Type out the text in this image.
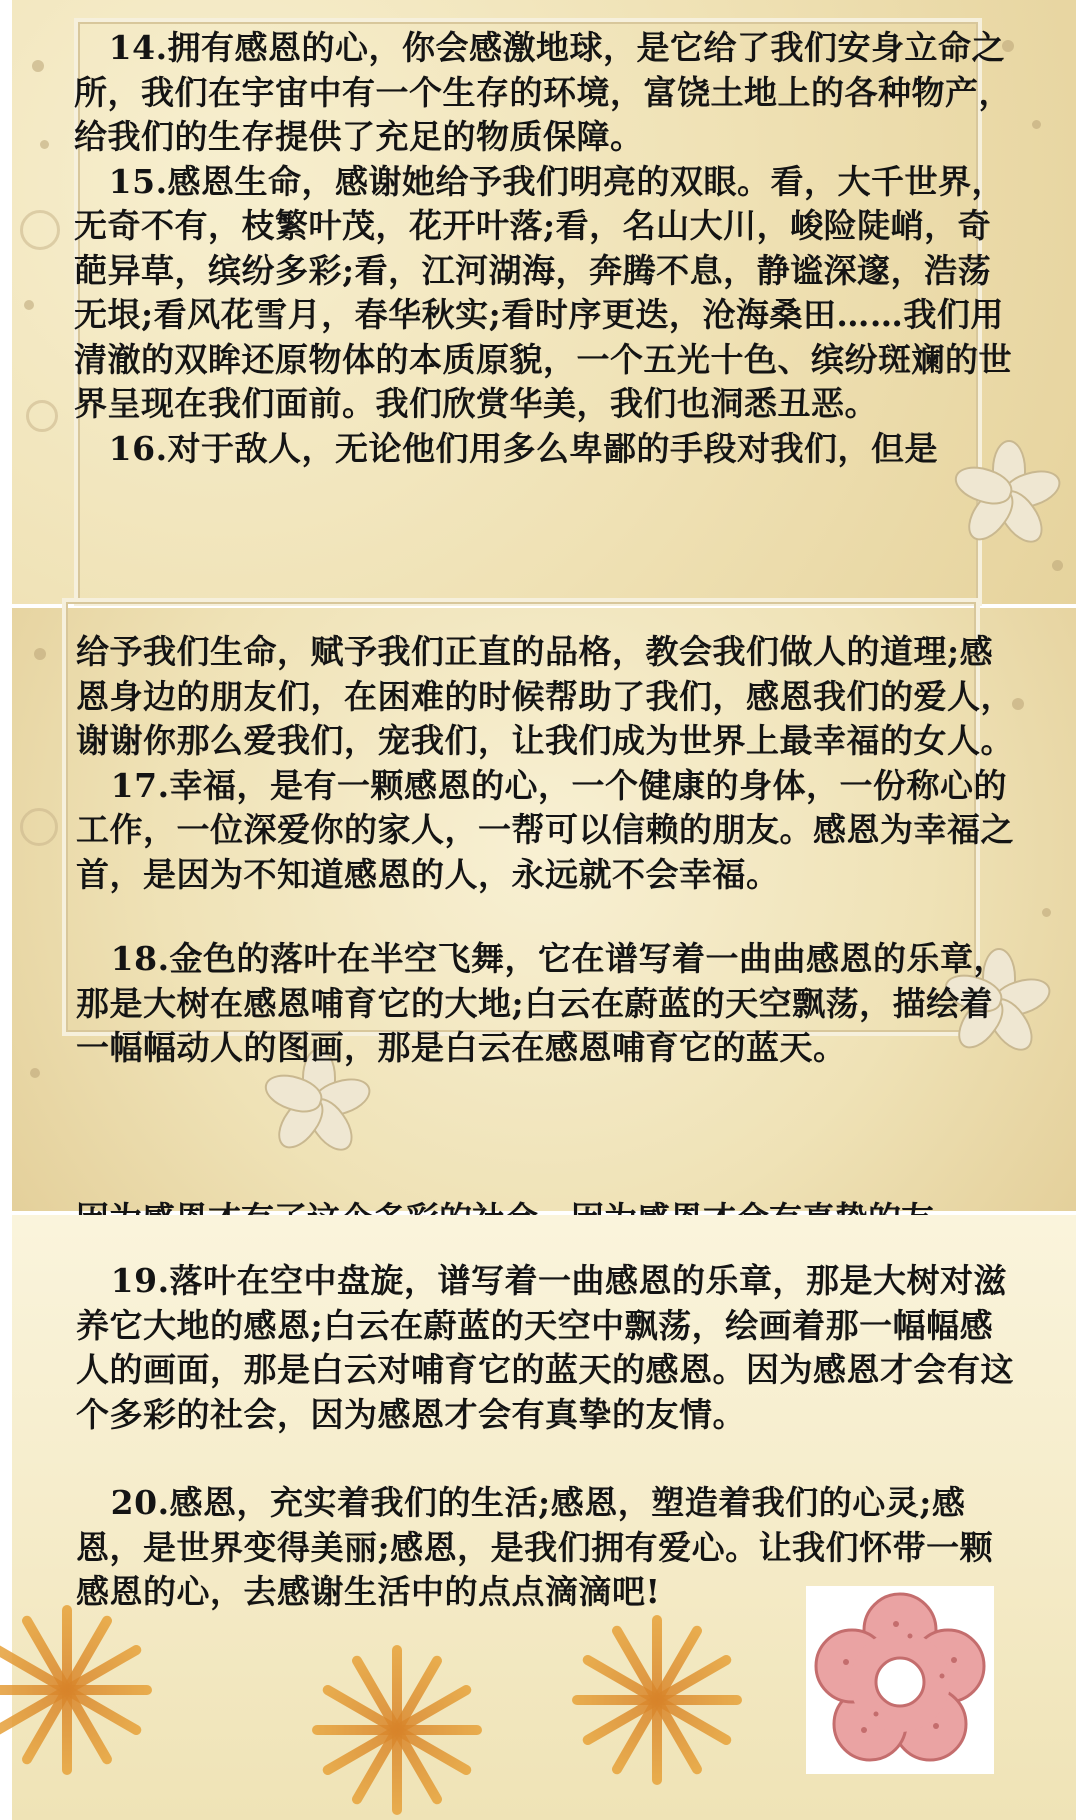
14.拥有感恩的心，你会感激地球，是它给了我们安身立命之所，我们在宇宙中有一个生存的环境，富饶土地上的各种物产，给我们的生存提供了充足的物质保障。

15.感恩生命，感谢她给予我们明亮的双眼。看，大千世界，无奇不有，枝繁叶茂，花开叶落;看，名山大川，峻险陡峭，奇葩异草，缤纷多彩;看，江河湖海，奔腾不息，静谧深邃，浩荡无垠;看风花雪月，春华秋实;看时序更迭，沧海桑田……我们用清澈的双眸还原物体的本质原貌，一个五光十色、缤纷斑斓的世界呈现在我们面前。我们欣赏华美，我们也洞悉丑恶。

16.对于敌人，无论他们用多么卑鄙的手段对我们，但是

给予我们生命，赋予我们正直的品格，教会我们做人的道理;感恩身边的朋友们，在困难的时候帮助了我们，感恩我们的爱人，谢谢你那么爱我们，宠我们，让我们成为世界上最幸福的女人。

17.幸福，是有一颗感恩的心，一个健康的身体，一份称心的工作，一位深爱你的家人，一帮可以信赖的朋友。感恩为幸福之首，是因为不知道感恩的人，永远就不会幸福。

18.金色的落叶在半空飞舞，它在谱写着一曲曲感恩的乐章，那是大树在感恩哺育它的大地;白云在蔚蓝的天空飘荡，描绘着一幅幅动人的图画，那是白云在感恩哺育它的蓝天。

19.落叶在空中盘旋，谱写着一曲感恩的乐章，那是大树对滋养它大地的感恩;白云在蔚蓝的天空中飘荡，绘画着那一幅幅感人的画面，那是白云对哺育它的蓝天的感恩。因为感恩才会有这个多彩的社会，因为感恩才会有真挚的友情。

20.感恩，充实着我们的生活;感恩，塑造着我们的心灵;感恩，是世界变得美丽;感恩，是我们拥有爱心。让我们怀带一颗感恩的心，去感谢生活中的点点滴滴吧!
